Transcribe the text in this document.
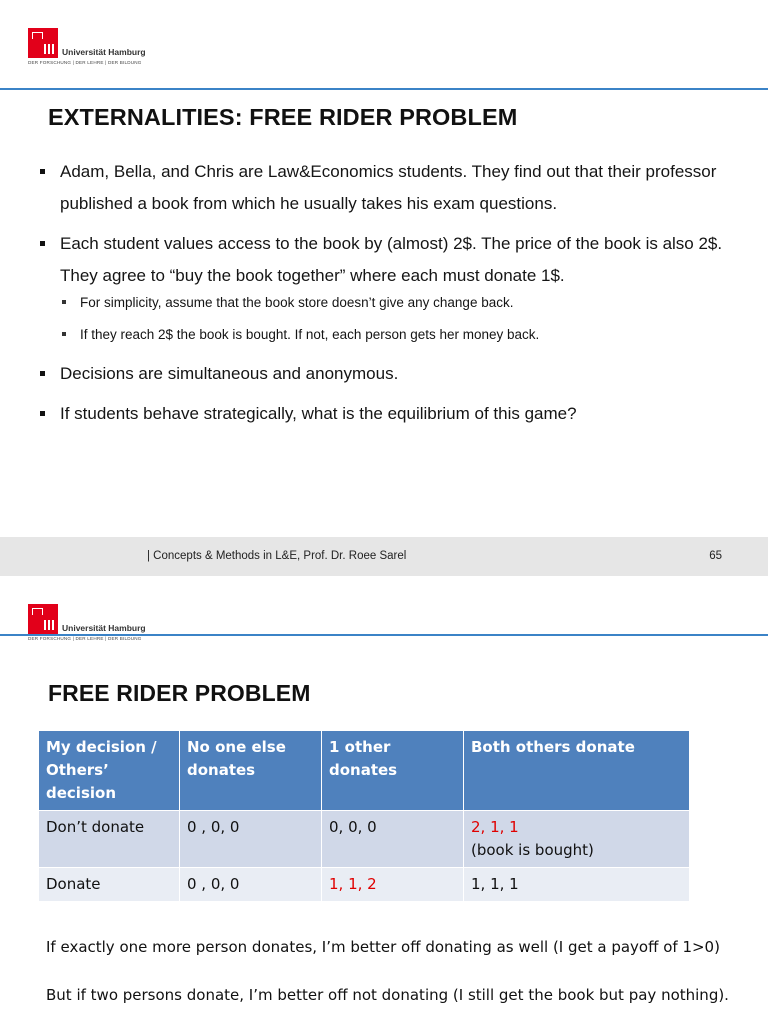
Universität Hamburg
DER FORSCHUNG | DER LEHRE | DER BILDUNG
EXTERNALITIES: FREE RIDER PROBLEM
Adam, Bella, and Chris are Law&Economics students. They find out that their professor published a book from which he usually takes his exam questions.
Each student values access to the book by (almost) 2$. The price of the book is also 2$. They agree to “buy the book together” where each must donate 1$.
For simplicity, assume that the book store doesn’t give any change back.
If they reach 2$ the book is bought. If not, each person gets her money back.
Decisions are simultaneous and anonymous.
If students behave strategically, what is the equilibrium of this game?
| Concepts & Methods in L&E, Prof. Dr. Roee Sarel	65
Universität Hamburg
DER FORSCHUNG | DER LEHRE | DER BILDUNG
FREE RIDER PROBLEM
My decision / Others’ decision	No one else donates	1 other donates	Both others donate
Don’t donate	0 , 0, 0	0, 0, 0	2, 1, 1
(book is bought)
Donate	0 , 0, 0	1, 1, 2	1, 1, 1
If exactly one more person donates, I’m better off donating as well (I get a payoff of 1>0)
But if two persons donate, I’m better off not donating (I still get the book but pay nothing).
